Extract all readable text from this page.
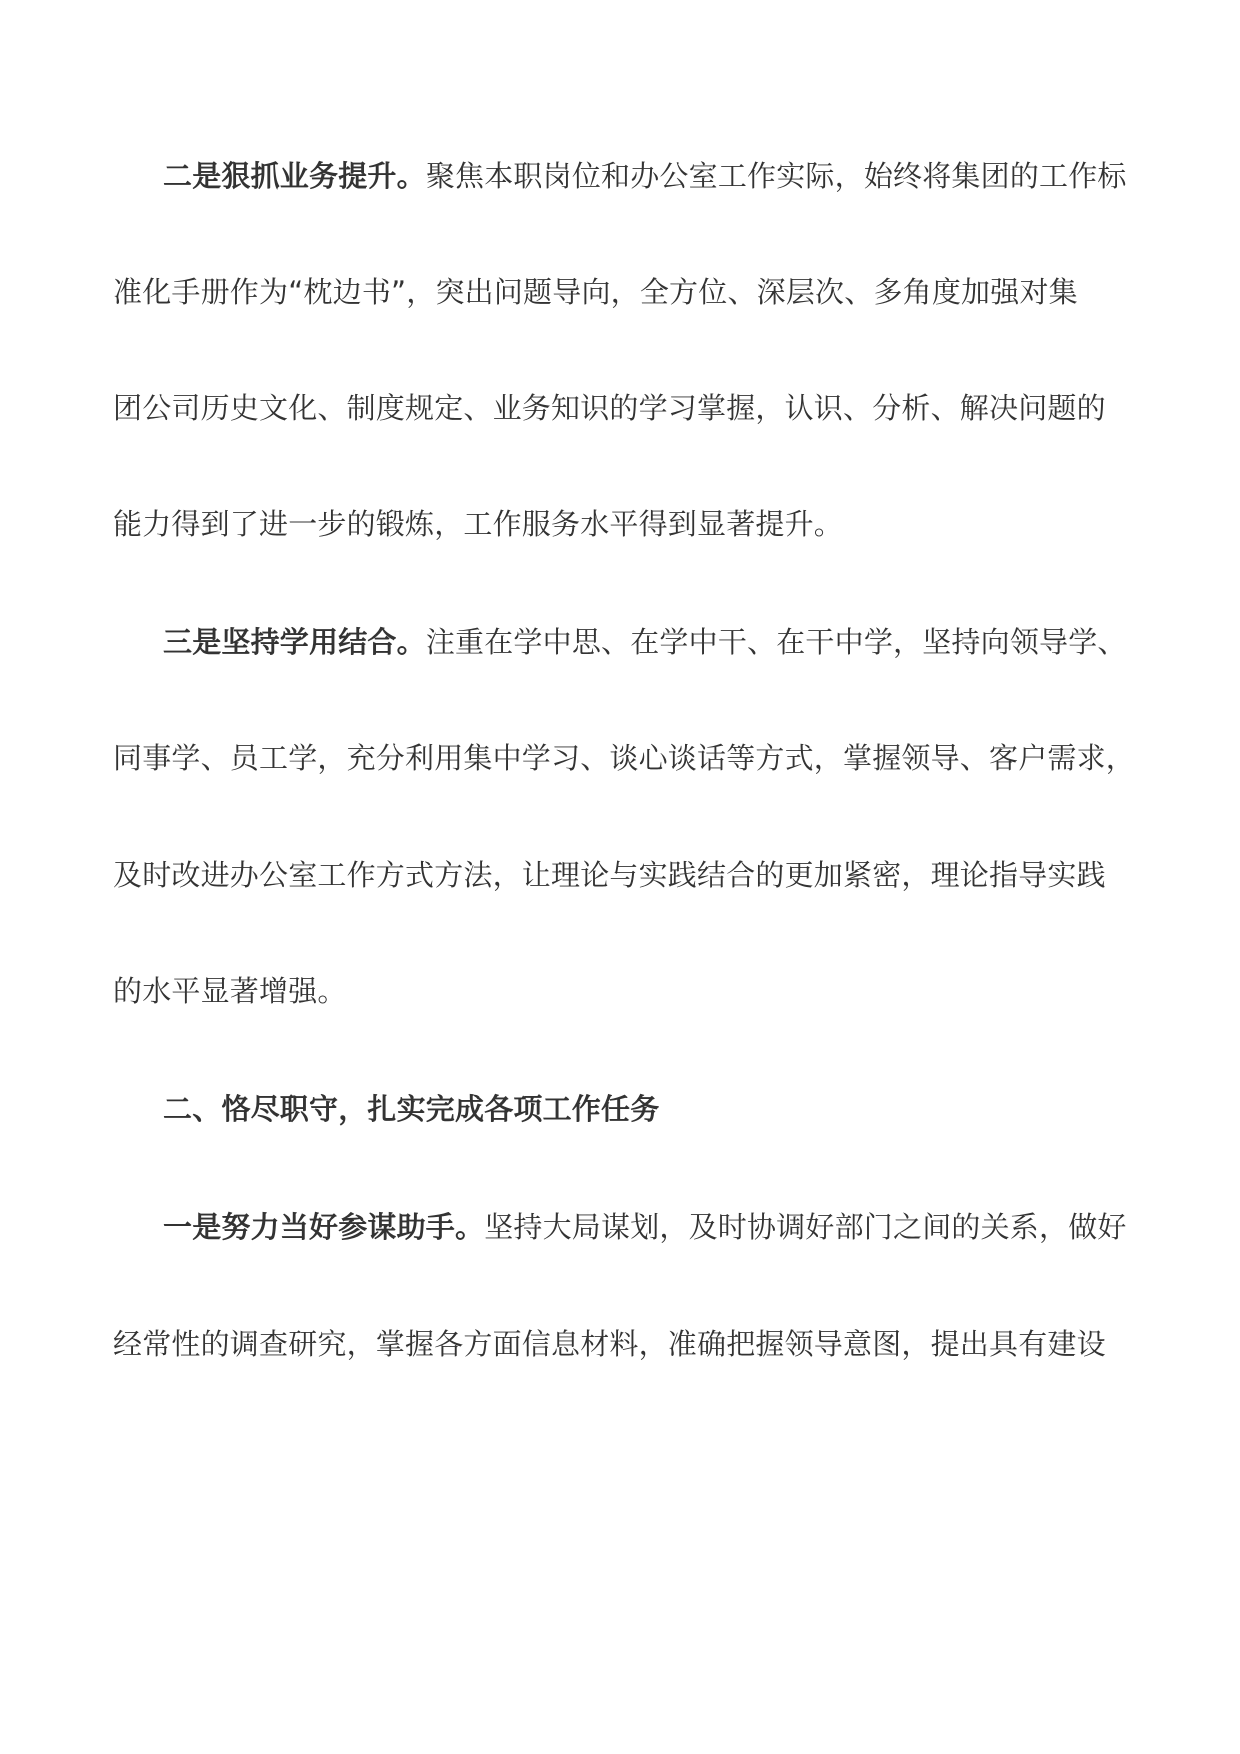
二是狠抓业务提升。聚焦本职岗位和办公室工作实际，始终将集团的工作标
准化手册作为“枕边书”，突出问题导向，全方位、深层次、多角度加强对集
团公司历史文化、制度规定、业务知识的学习掌握，认识、分析、解决问题的
能力得到了进一步的锻炼，工作服务水平得到显著提升。
三是坚持学用结合。注重在学中思、在学中干、在干中学，坚持向领导学、
同事学、员工学，充分利用集中学习、谈心谈话等方式，掌握领导、客户需求，
及时改进办公室工作方式方法，让理论与实践结合的更加紧密，理论指导实践
的水平显著增强。
二、恪尽职守，扎实完成各项工作任务
一是努力当好参谋助手。坚持大局谋划，及时协调好部门之间的关系，做好
经常性的调查研究，掌握各方面信息材料，准确把握领导意图，提出具有建设
